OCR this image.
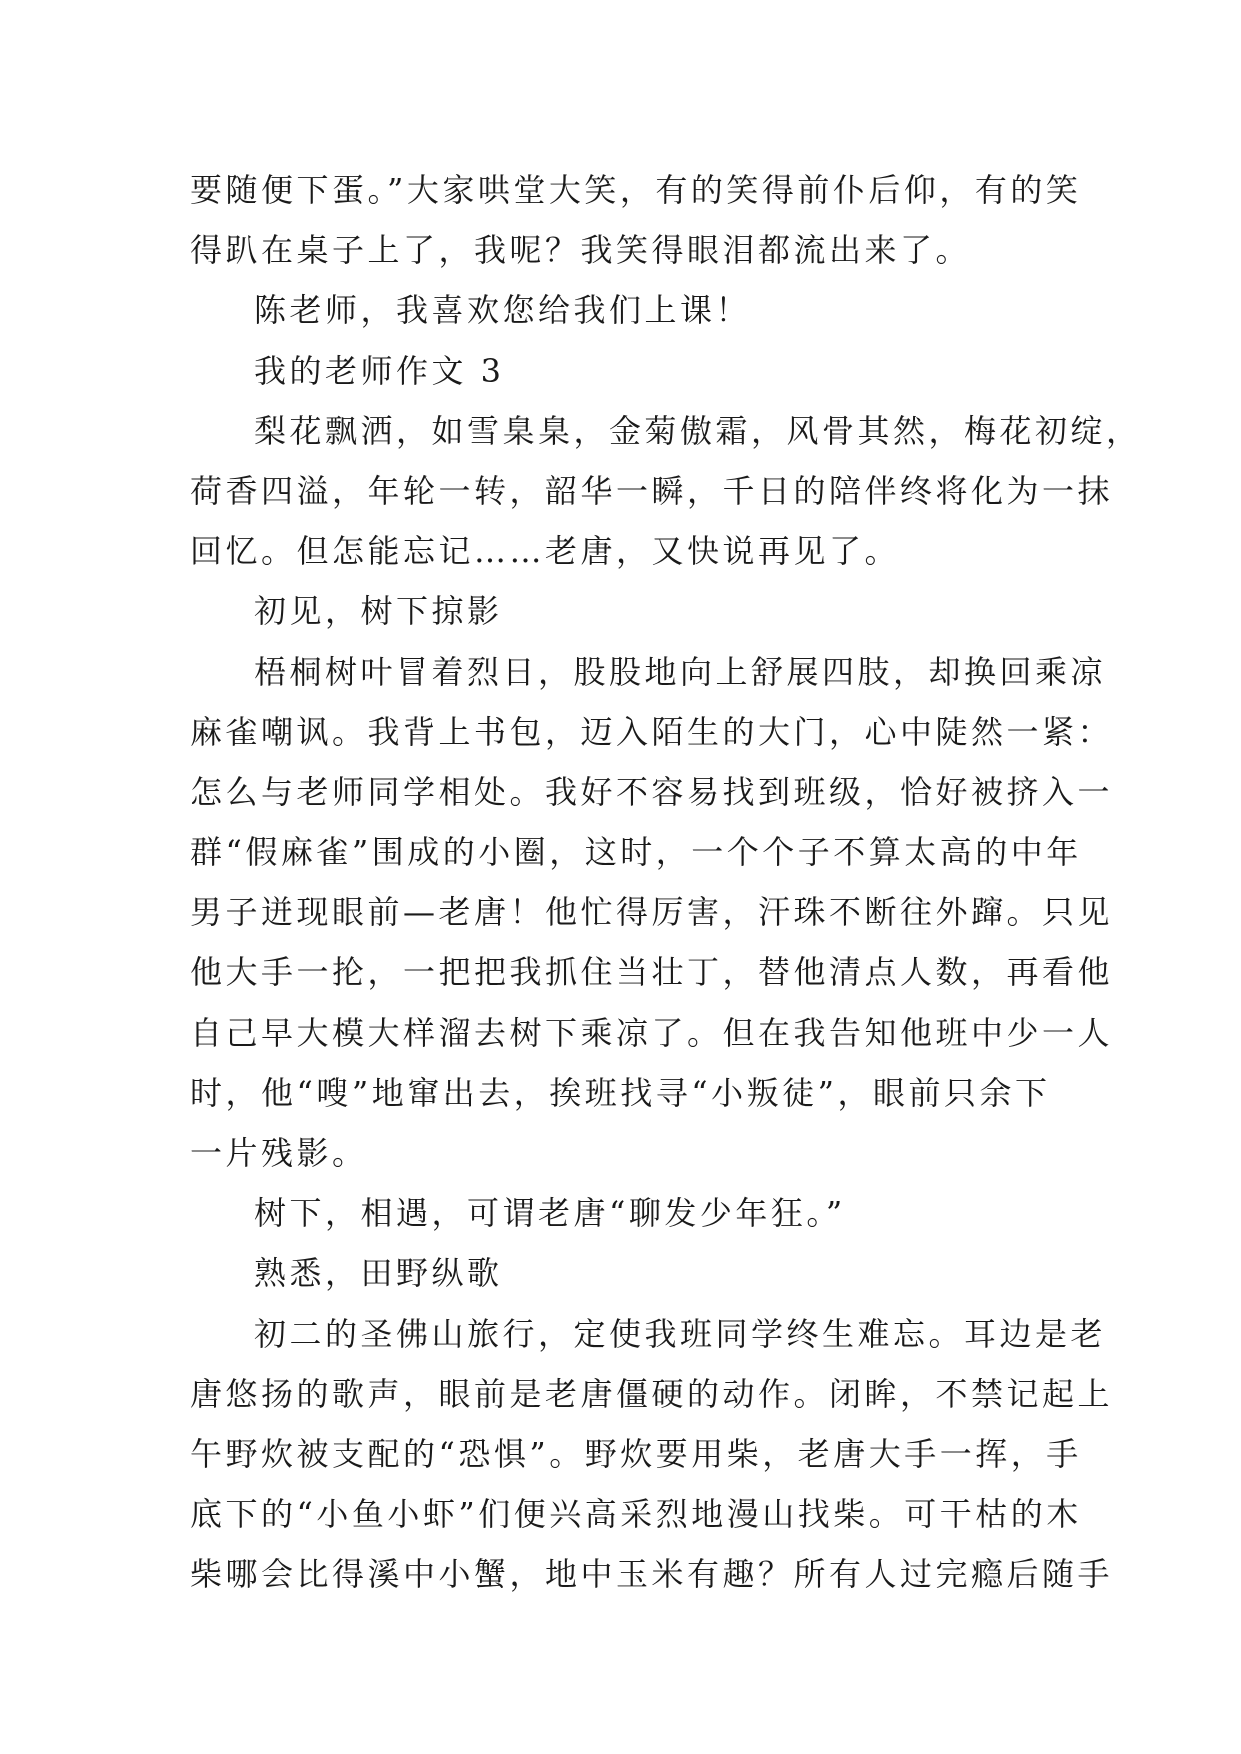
要随便下蛋。”大家哄堂大笑，有的笑得前仆后仰，有的笑
得趴在桌子上了，我呢？我笑得眼泪都流出来了。
陈老师，我喜欢您给我们上课！
我的老师作文 3
梨花飘洒，如雪臬臬，金菊傲霜，风骨其然，梅花初绽，
荷香四溢，年轮一转，韶华一瞬，千日的陪伴终将化为一抹
回忆。但怎能忘记……老唐，又快说再见了。
初见，树下掠影
梧桐树叶冒着烈日，股股地向上舒展四肢，却换回乘凉
麻雀嘲讽。我背上书包，迈入陌生的大门，心中陡然一紧：
怎么与老师同学相处。我好不容易找到班级，恰好被挤入一
群“假麻雀”围成的小圈，这时，一个个子不算太高的中年
男子迸现眼前—老唐！他忙得厉害，汗珠不断往外蹿。只见
他大手一抡，一把把我抓住当壮丁，替他清点人数，再看他
自己早大模大样溜去树下乘凉了。但在我告知他班中少一人
时，他“嗖”地窜出去，挨班找寻“小叛徒”，眼前只余下
一片残影。
树下，相遇，可谓老唐“聊发少年狂。”
熟悉，田野纵歌
初二的圣佛山旅行，定使我班同学终生难忘。耳边是老
唐悠扬的歌声，眼前是老唐僵硬的动作。闭眸，不禁记起上
午野炊被支配的“恐惧”。野炊要用柴，老唐大手一挥，手
底下的“小鱼小虾”们便兴高采烈地漫山找柴。可干枯的木
柴哪会比得溪中小蟹，地中玉米有趣？所有人过完瘾后随手
